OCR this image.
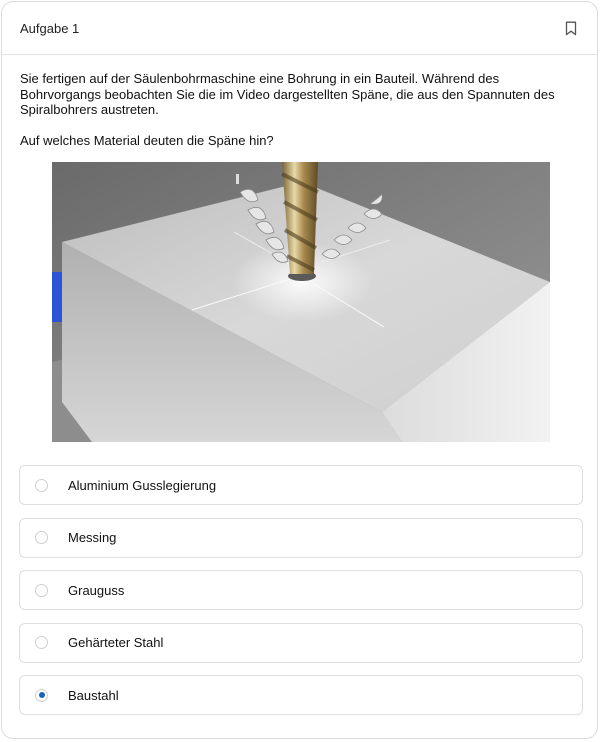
Aufgabe 1

Sie fertigen auf der Säulenbohrmaschine eine Bohrung in ein Bauteil. Während des Bohrvorgangs beobachten Sie die im Video dargestellten Späne, die aus den Spannuten des Spiralbohrers austreten.

Auf welches Material deuten die Späne hin?

Aluminium Gusslegierung
Messing
Grauguss
Gehärteter Stahl
Baustahl
